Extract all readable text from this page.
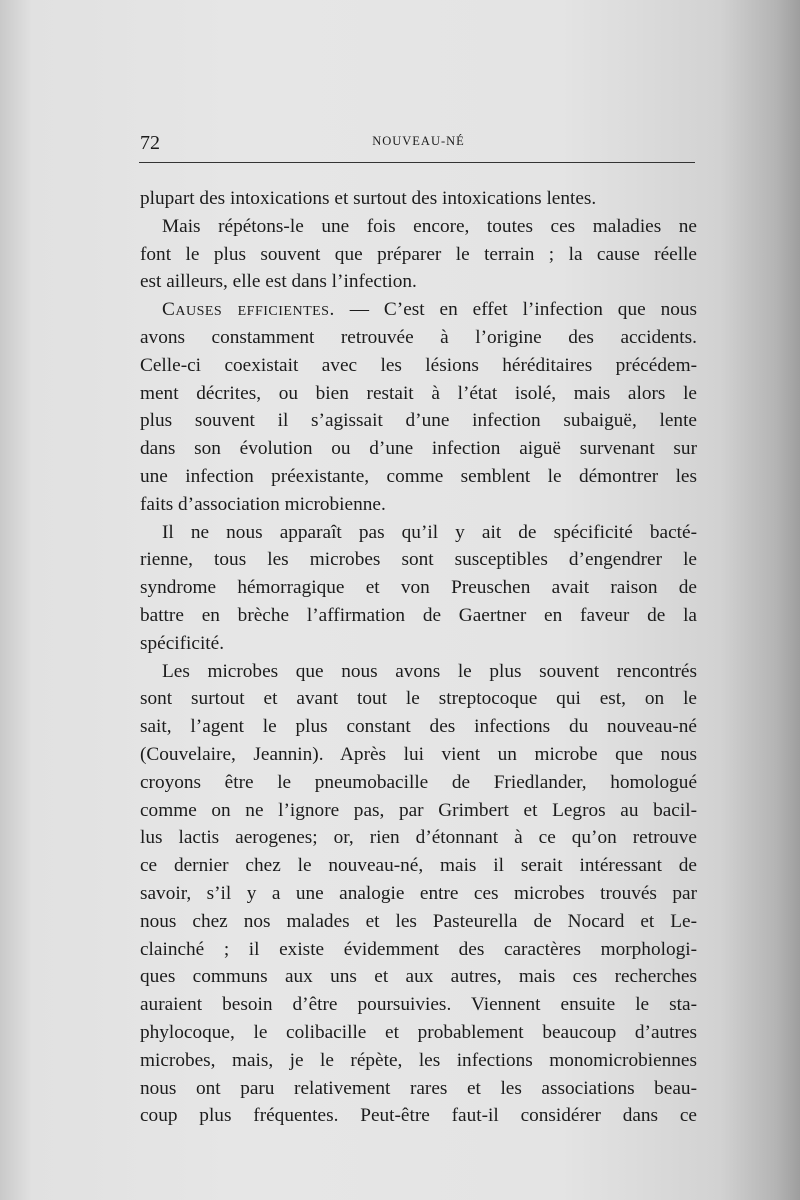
72	NOUVEAU-NÉ
plupart des intoxications et surtout des intoxications lentes.
Mais répétons-le une fois encore, toutes ces maladies ne
font le plus souvent que préparer le terrain ; la cause réelle
est ailleurs, elle est dans l’infection.
Causes efficientes. — C’est en effet l’infection que nous
avons constamment retrouvée à l’origine des accidents.
Celle-ci coexistait avec les lésions héréditaires précédem-
ment décrites, ou bien restait à l’état isolé, mais alors le
plus souvent il s’agissait d’une infection subaiguë, lente
dans son évolution ou d’une infection aiguë survenant sur
une infection préexistante, comme semblent le démontrer les
faits d’association microbienne.
Il ne nous apparaît pas qu’il y ait de spécificité bacté-
rienne, tous les microbes sont susceptibles d’engendrer le
syndrome hémorragique et von Preuschen avait raison de
battre en brèche l’affirmation de Gaertner en faveur de la
spécificité.
Les microbes que nous avons le plus souvent rencontrés
sont surtout et avant tout le streptocoque qui est, on le
sait, l’agent le plus constant des infections du nouveau-né
(Couvelaire, Jeannin). Après lui vient un microbe que nous
croyons être le pneumobacille de Friedlander, homologué
comme on ne l’ignore pas, par Grimbert et Legros au bacil-
lus lactis aerogenes; or, rien d’étonnant à ce qu’on retrouve
ce dernier chez le nouveau-né, mais il serait intéressant de
savoir, s’il y a une analogie entre ces microbes trouvés par
nous chez nos malades et les Pasteurella de Nocard et Le-
clainché ; il existe évidemment des caractères morphologi-
ques communs aux uns et aux autres, mais ces recherches
auraient besoin d’être poursuivies. Viennent ensuite le sta-
phylocoque, le colibacille et probablement beaucoup d’autres
microbes, mais, je le répète, les infections monomicrobiennes
nous ont paru relativement rares et les associations beau-
coup plus fréquentes. Peut-être faut-il considérer dans ce
